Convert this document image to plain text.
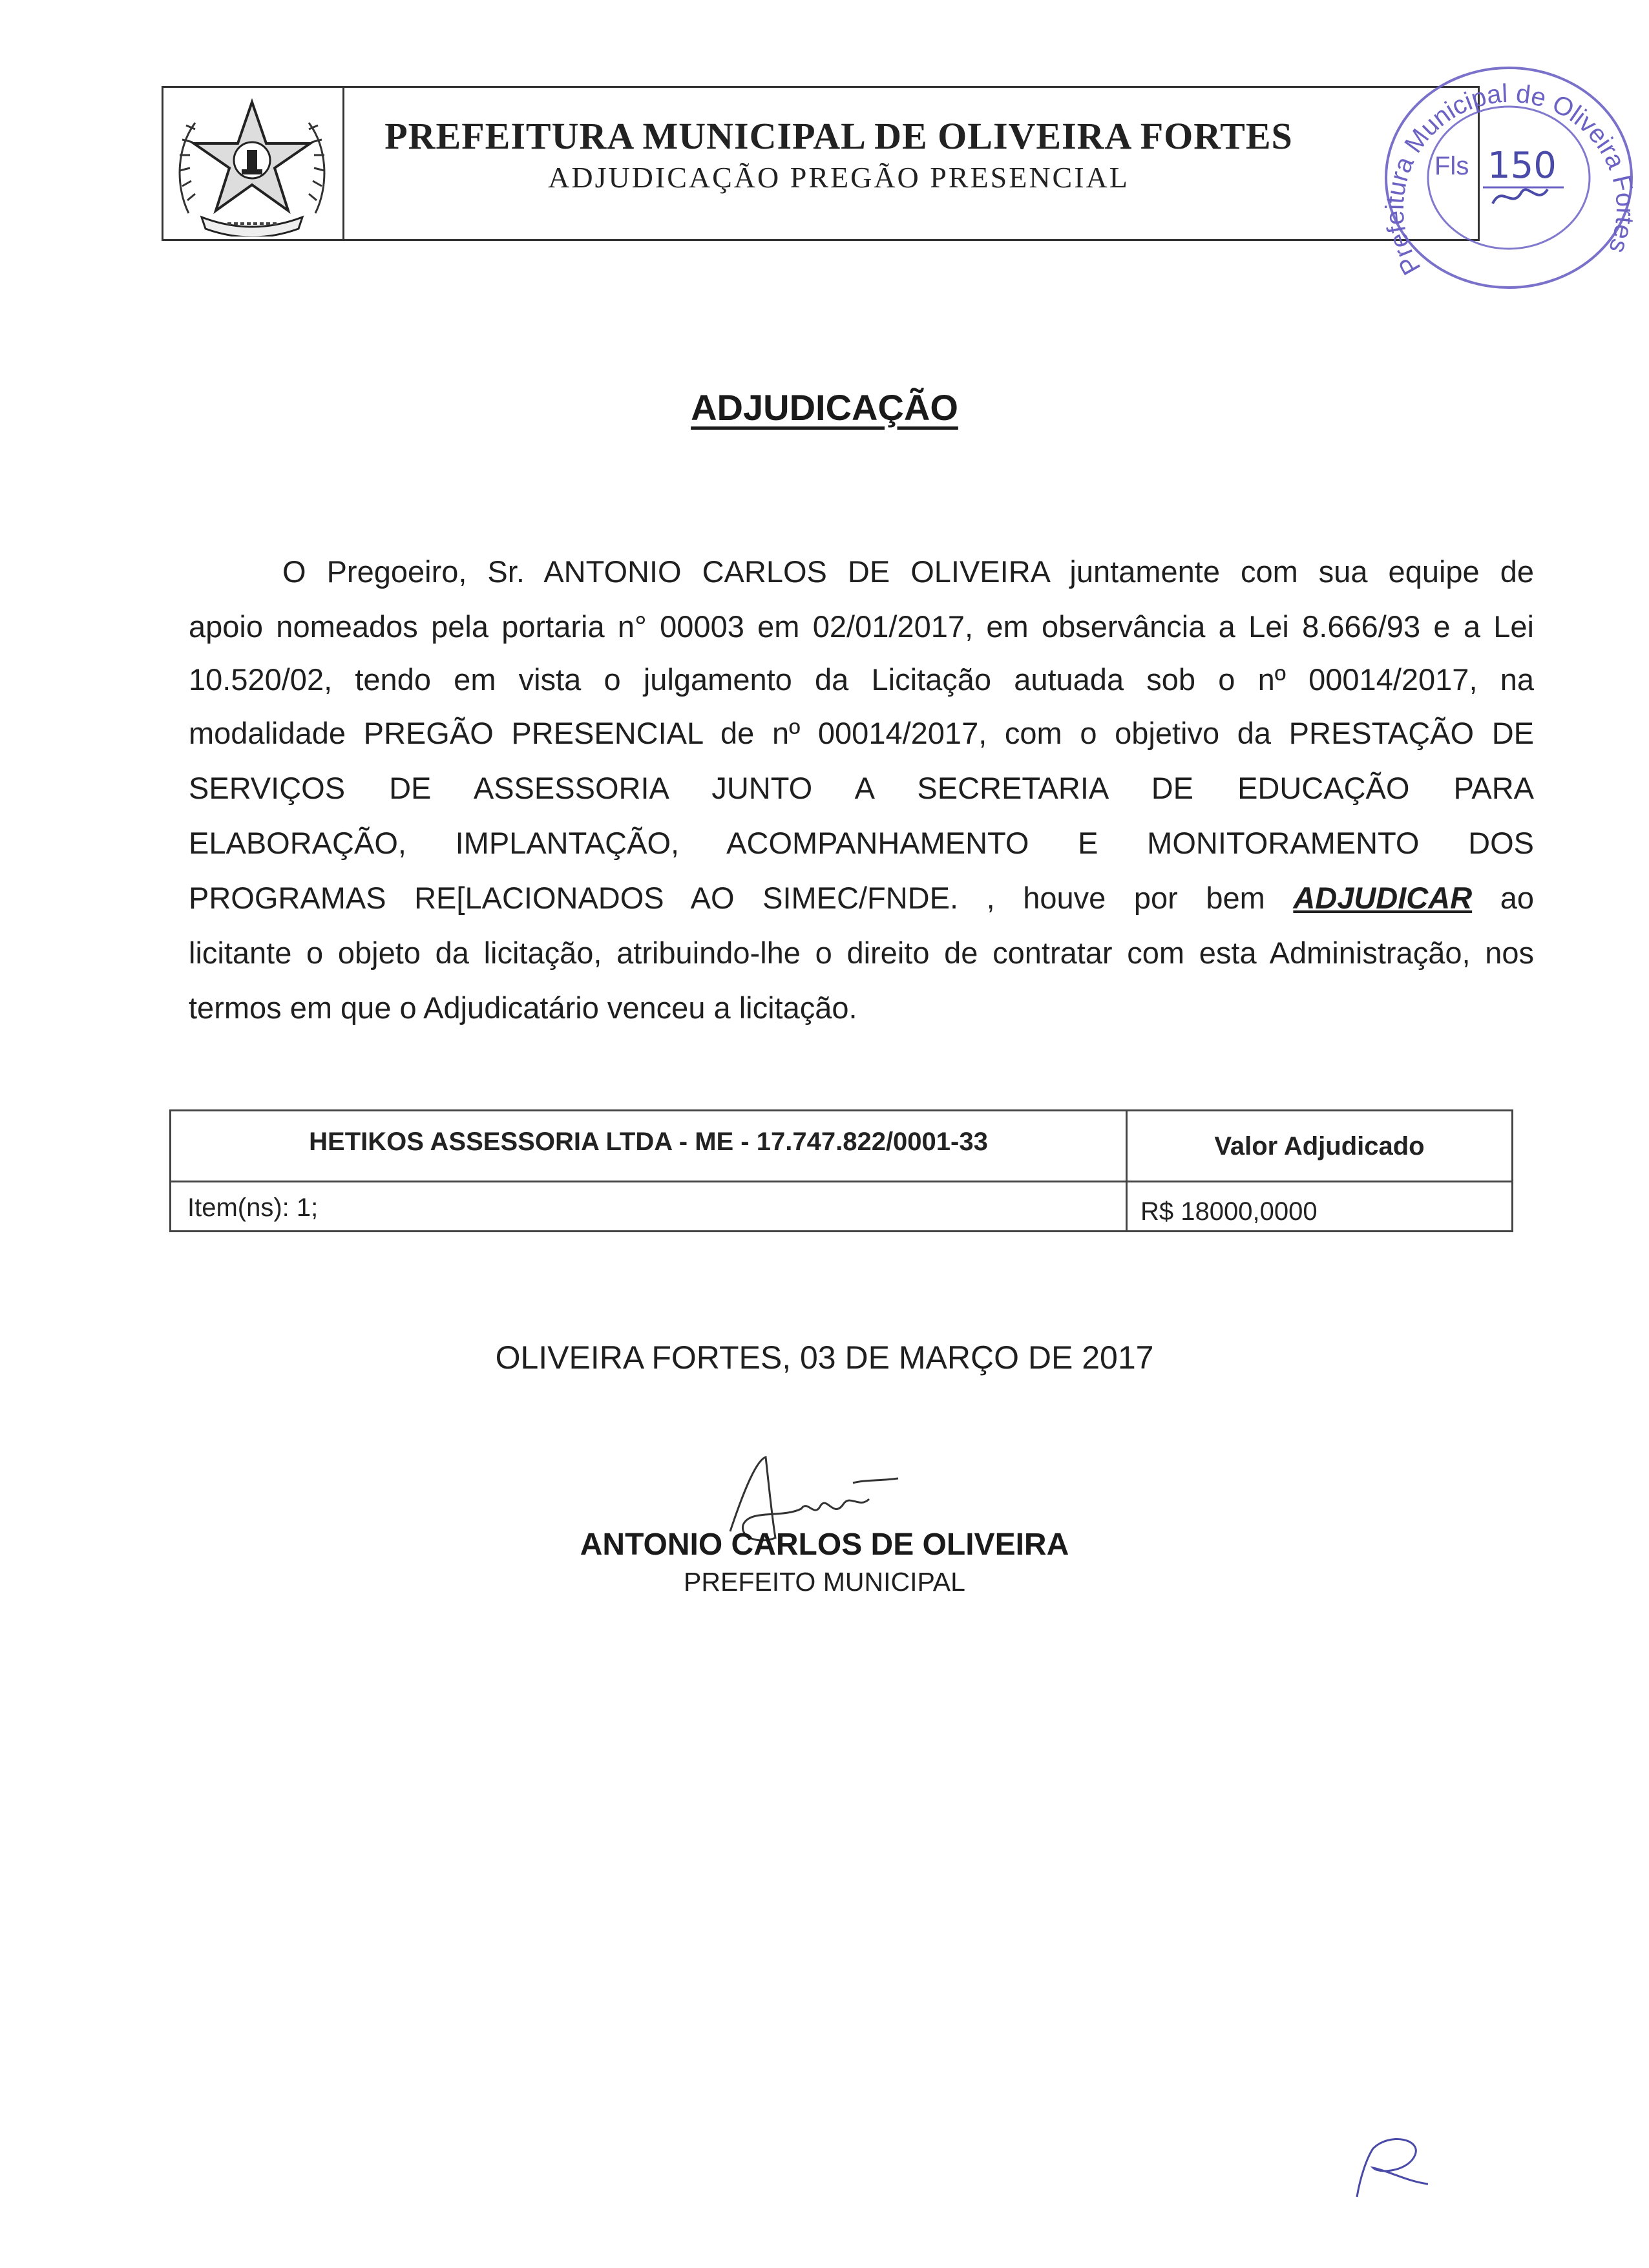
PREFEITURA MUNICIPAL DE OLIVEIRA FORTES
ADJUDICAÇÃO PREGÃO PRESENCIAL
Prefeitura Municipal de Oliveira Fortes
Fls 150
ADJUDICAÇÃO
O Pregoeiro, Sr. ANTONIO CARLOS DE OLIVEIRA juntamente com sua equipe de
apoio nomeados pela portaria n° 00003 em 02/01/2017, em observância a Lei 8.666/93 e a Lei
10.520/02, tendo em vista o julgamento da Licitação autuada sob o nº 00014/2017, na
modalidade PREGÃO PRESENCIAL de nº 00014/2017, com o objetivo da PRESTAÇÃO DE
SERVIÇOS DE ASSESSORIA JUNTO A SECRETARIA DE EDUCAÇÃO PARA
ELABORAÇÃO, IMPLANTAÇÃO, ACOMPANHAMENTO E MONITORAMENTO DOS
PROGRAMAS RE[LACIONADOS AO SIMEC/FNDE. , houve por bem ADJUDICAR ao
licitante o objeto da licitação, atribuindo-lhe o direito de contratar com esta Administração, nos
termos em que o Adjudicatário venceu a licitação.
HETIKOS ASSESSORIA LTDA - ME - 17.747.822/0001-33	Valor Adjudicado
Item(ns): 1;	R$ 18000,0000
OLIVEIRA FORTES, 03 DE MARÇO DE 2017
ANTONIO CARLOS DE OLIVEIRA
PREFEITO MUNICIPAL
